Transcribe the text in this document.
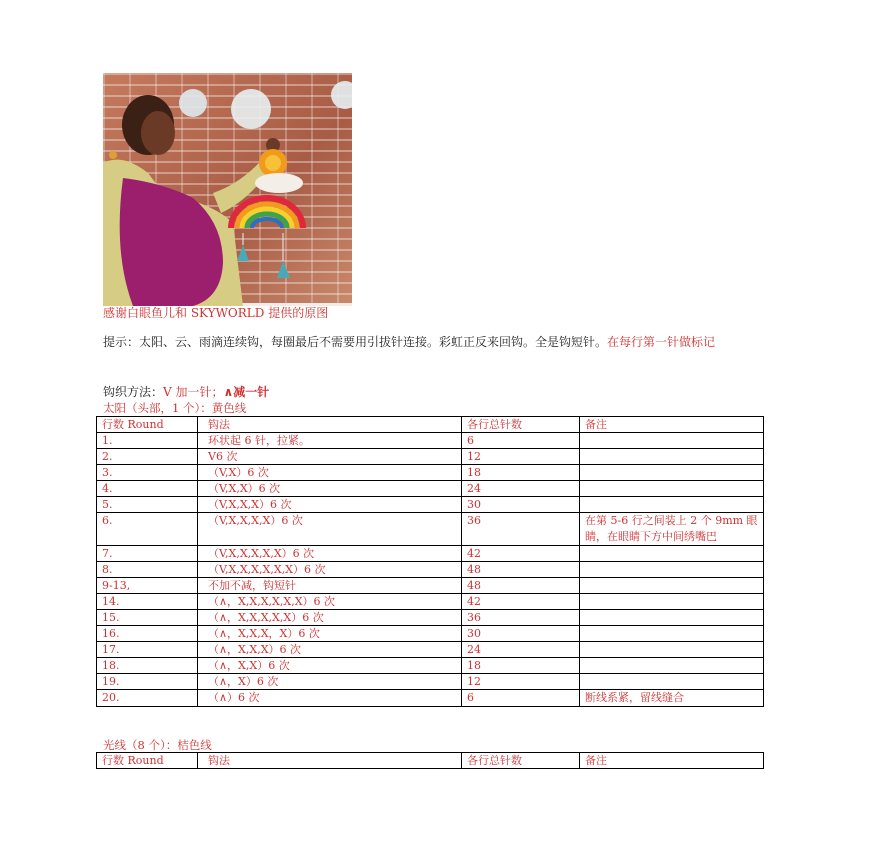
感谢白眼鱼儿和 SKYWORLD 提供的原图
提示：太阳、云、雨滴连续钩，每圈最后不需要用引拔针连接。彩虹正反来回钩。全是钩短针。在每行第一针做标记
钩织方法：V 加一针；∧减一针
太阳（头部，1 个）：黄色线
行数 Round	钩法	各行总针数	备注
1.	环状起 6 针，拉紧。	6	
2.	V6 次	12	
3.	（V,X）6 次	18	
4.	（V,X,X）6 次	24	
5.	（V,X,X,X）6 次	30	
6.	（V,X,X,X,X）6 次	36	在第 5-6 行之间装上 2 个 9mm 眼睛，在眼睛下方中间绣嘴巴
7.	（V,X,X,X,X,X）6 次	42	
8.	（V,X,X,X,X,X,X）6 次	48	
9-13,	不加不减，钩短针	48	
14.	（∧，X,X,X,X,X,X）6 次	42	
15.	（∧，X,X,X,X,X）6 次	36	
16.	（∧，X,X,X，X）6 次	30	
17.	（∧，X,X,X）6 次	24	
18.	（∧，X,X）6 次	18	
19.	（∧，X）6 次	12	
20.	（∧）6 次	6	断线系紧，留线缝合
光线（8 个）：桔色线
行数 Round	钩法	各行总针数	备注
